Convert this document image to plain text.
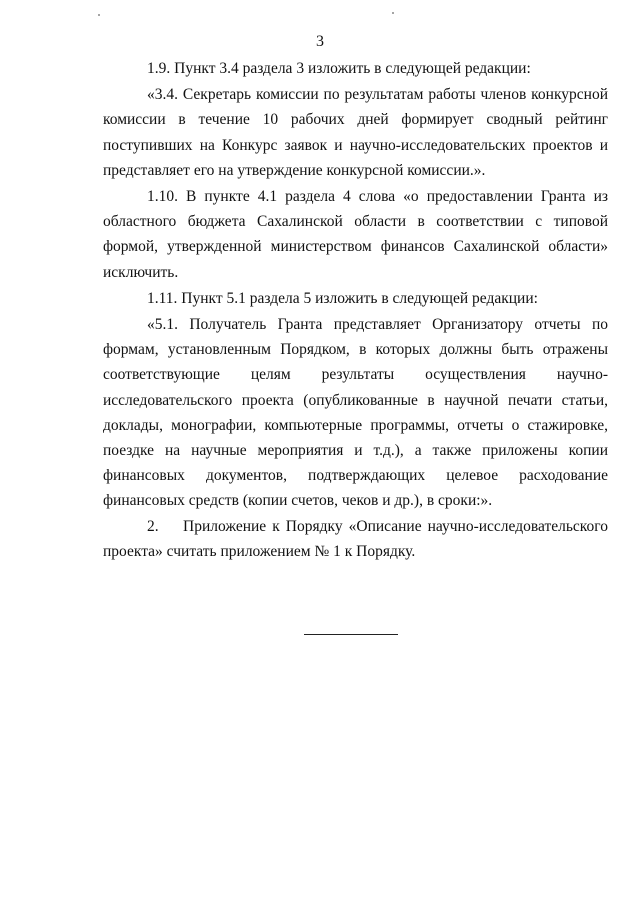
3

1.9. Пункт 3.4 раздела 3 изложить в следующей редакции:

«3.4. Секретарь комиссии по результатам работы членов конкурсной комиссии в течение 10 рабочих дней формирует сводный рейтинг поступивших на Конкурс заявок и научно-исследовательских проектов и представляет его на утверждение конкурсной комиссии.».

1.10. В пункте 4.1 раздела 4 слова «о предоставлении Гранта из областного бюджета Сахалинской области в соответствии с типовой формой, утвержденной министерством финансов Сахалинской области» исключить.

1.11. Пункт 5.1 раздела 5 изложить в следующей редакции:

«5.1. Получатель Гранта представляет Организатору отчеты по формам, установленным Порядком, в которых должны быть отражены соответствующие целям результаты осуществления научно-исследовательского проекта (опубликованные в научной печати статьи, доклады, монографии, компьютерные программы, отчеты о стажировке, поездке на научные мероприятия и т.д.), а также приложены копии финансовых документов, подтверждающих целевое расходование финансовых средств (копии счетов, чеков и др.), в сроки:».

2. Приложение к Порядку «Описание научно-исследовательского проекта» считать приложением № 1 к Порядку.
